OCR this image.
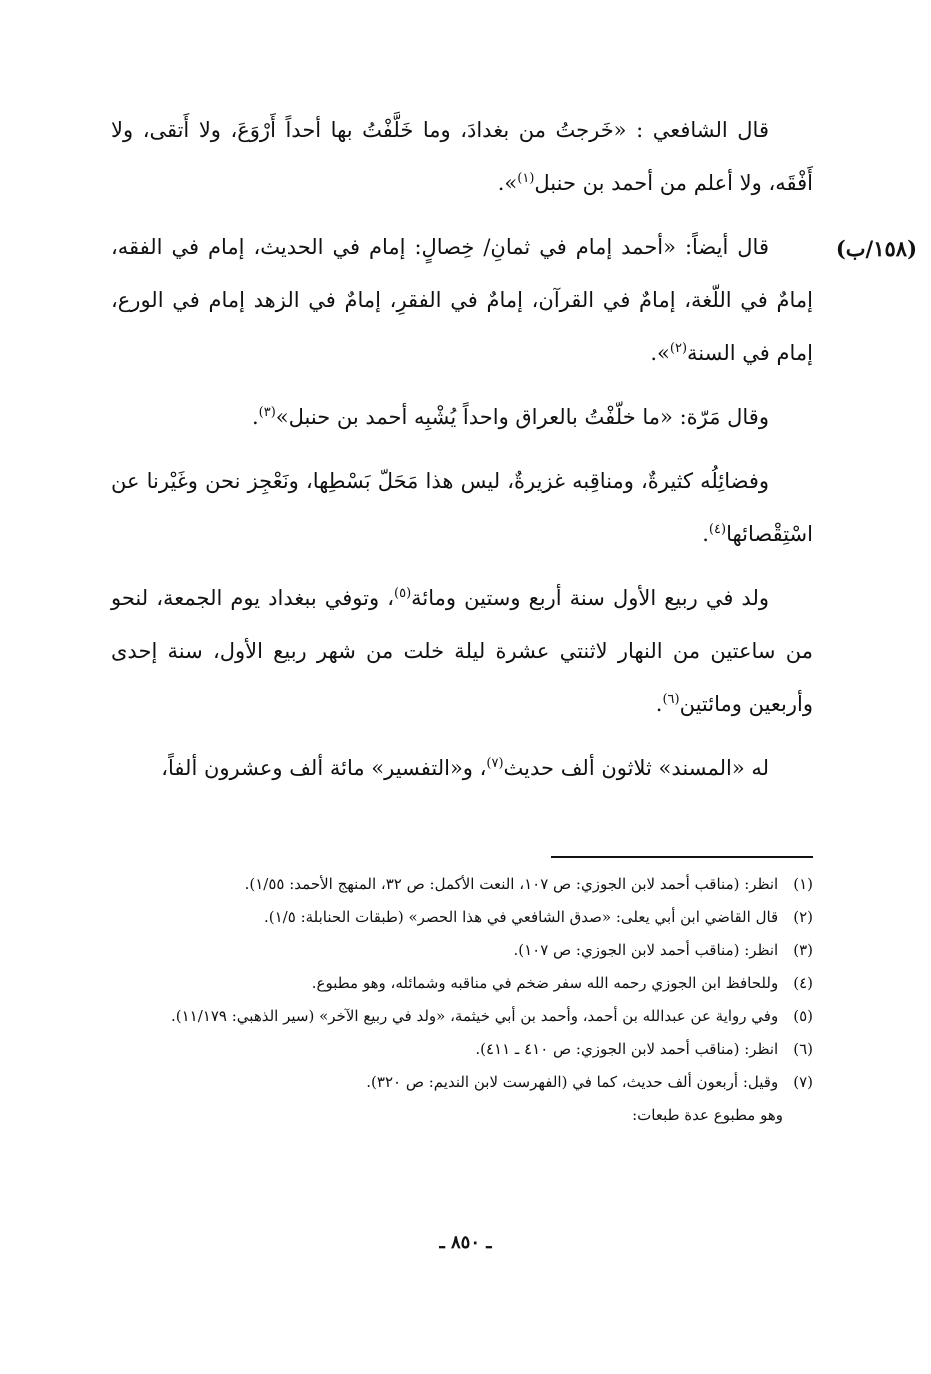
(١٥٨/ب)

قال الشافعي : «خَرجتُ من بغدادَ، وما خَلَّفْتُ بها أحداً أَرْوَعَ، ولا أَتقى، ولا أَفْقَه، ولا أعلم من أحمد بن حنبل$^{(١)}$».

قال أيضاً: «أحمد إمام في ثمانِ/ خِصالٍ: إمام في الحديث، إمام في الفقه، إمامٌ في اللّغة، إمامٌ في القرآن، إمامٌ في الفقرِ، إمامٌ في الزهد إمام في الورع، إمام في السنة$^{(٢)}$».

وقال مَرّة: «ما خلّفْتُ بالعراق واحداً يُشْبِه أحمد بن حنبل»$^{(٣)}$.

وفضائِلُه كثيرةٌ، ومناقِبه غزيرةٌ، ليس هذا مَحَلّ بَسْطِها، ونَعْجِز نحن وغَيْرنا عن اسْتِقْصائها$^{(٤)}$.

ولد في ربيع الأول سنة أربع وستين ومائة$^{(٥)}$، وتوفي ببغداد يوم الجمعة، لنحو من ساعتين من النهار لاثنتي عشرة ليلة خلت من شهر ربيع الأول، سنة إحدى وأربعين ومائتين$^{(٦)}$.

له «المسند» ثلاثون ألف حديث$^{(٧)}$، و«التفسير» مائة ألف وعشرون ألفاً،

(١) انظر: (مناقب أحمد لابن الجوزي: ص ١٠٧، النعت الأكمل: ص ٣٢، المنهج الأحمد: ١/٥٥).

(٢) قال القاضي ابن أبي يعلى: «صدق الشافعي في هذا الحصر» (طبقات الحنابلة: ١/٥).

(٣) انظر: (مناقب أحمد لابن الجوزي: ص ١٠٧).

(٤) وللحافظ ابن الجوزي رحمه الله سفر ضخم في مناقبه وشمائله، وهو مطبوع.

(٥) وفي رواية عن عبدالله بن أحمد، وأحمد بن أبي خيثمة، «ولد في ربيع الآخر» (سير الذهبي: ١١/١٧٩).

(٦) انظر: (مناقب أحمد لابن الجوزي: ص ٤١٠ ـ ٤١١).

(٧) وقيل: أربعون ألف حديث، كما في (الفهرست لابن النديم: ص ٣٢٠).

وهو مطبوع عدة طبعات:

ـ ٨٥٠ ـ
